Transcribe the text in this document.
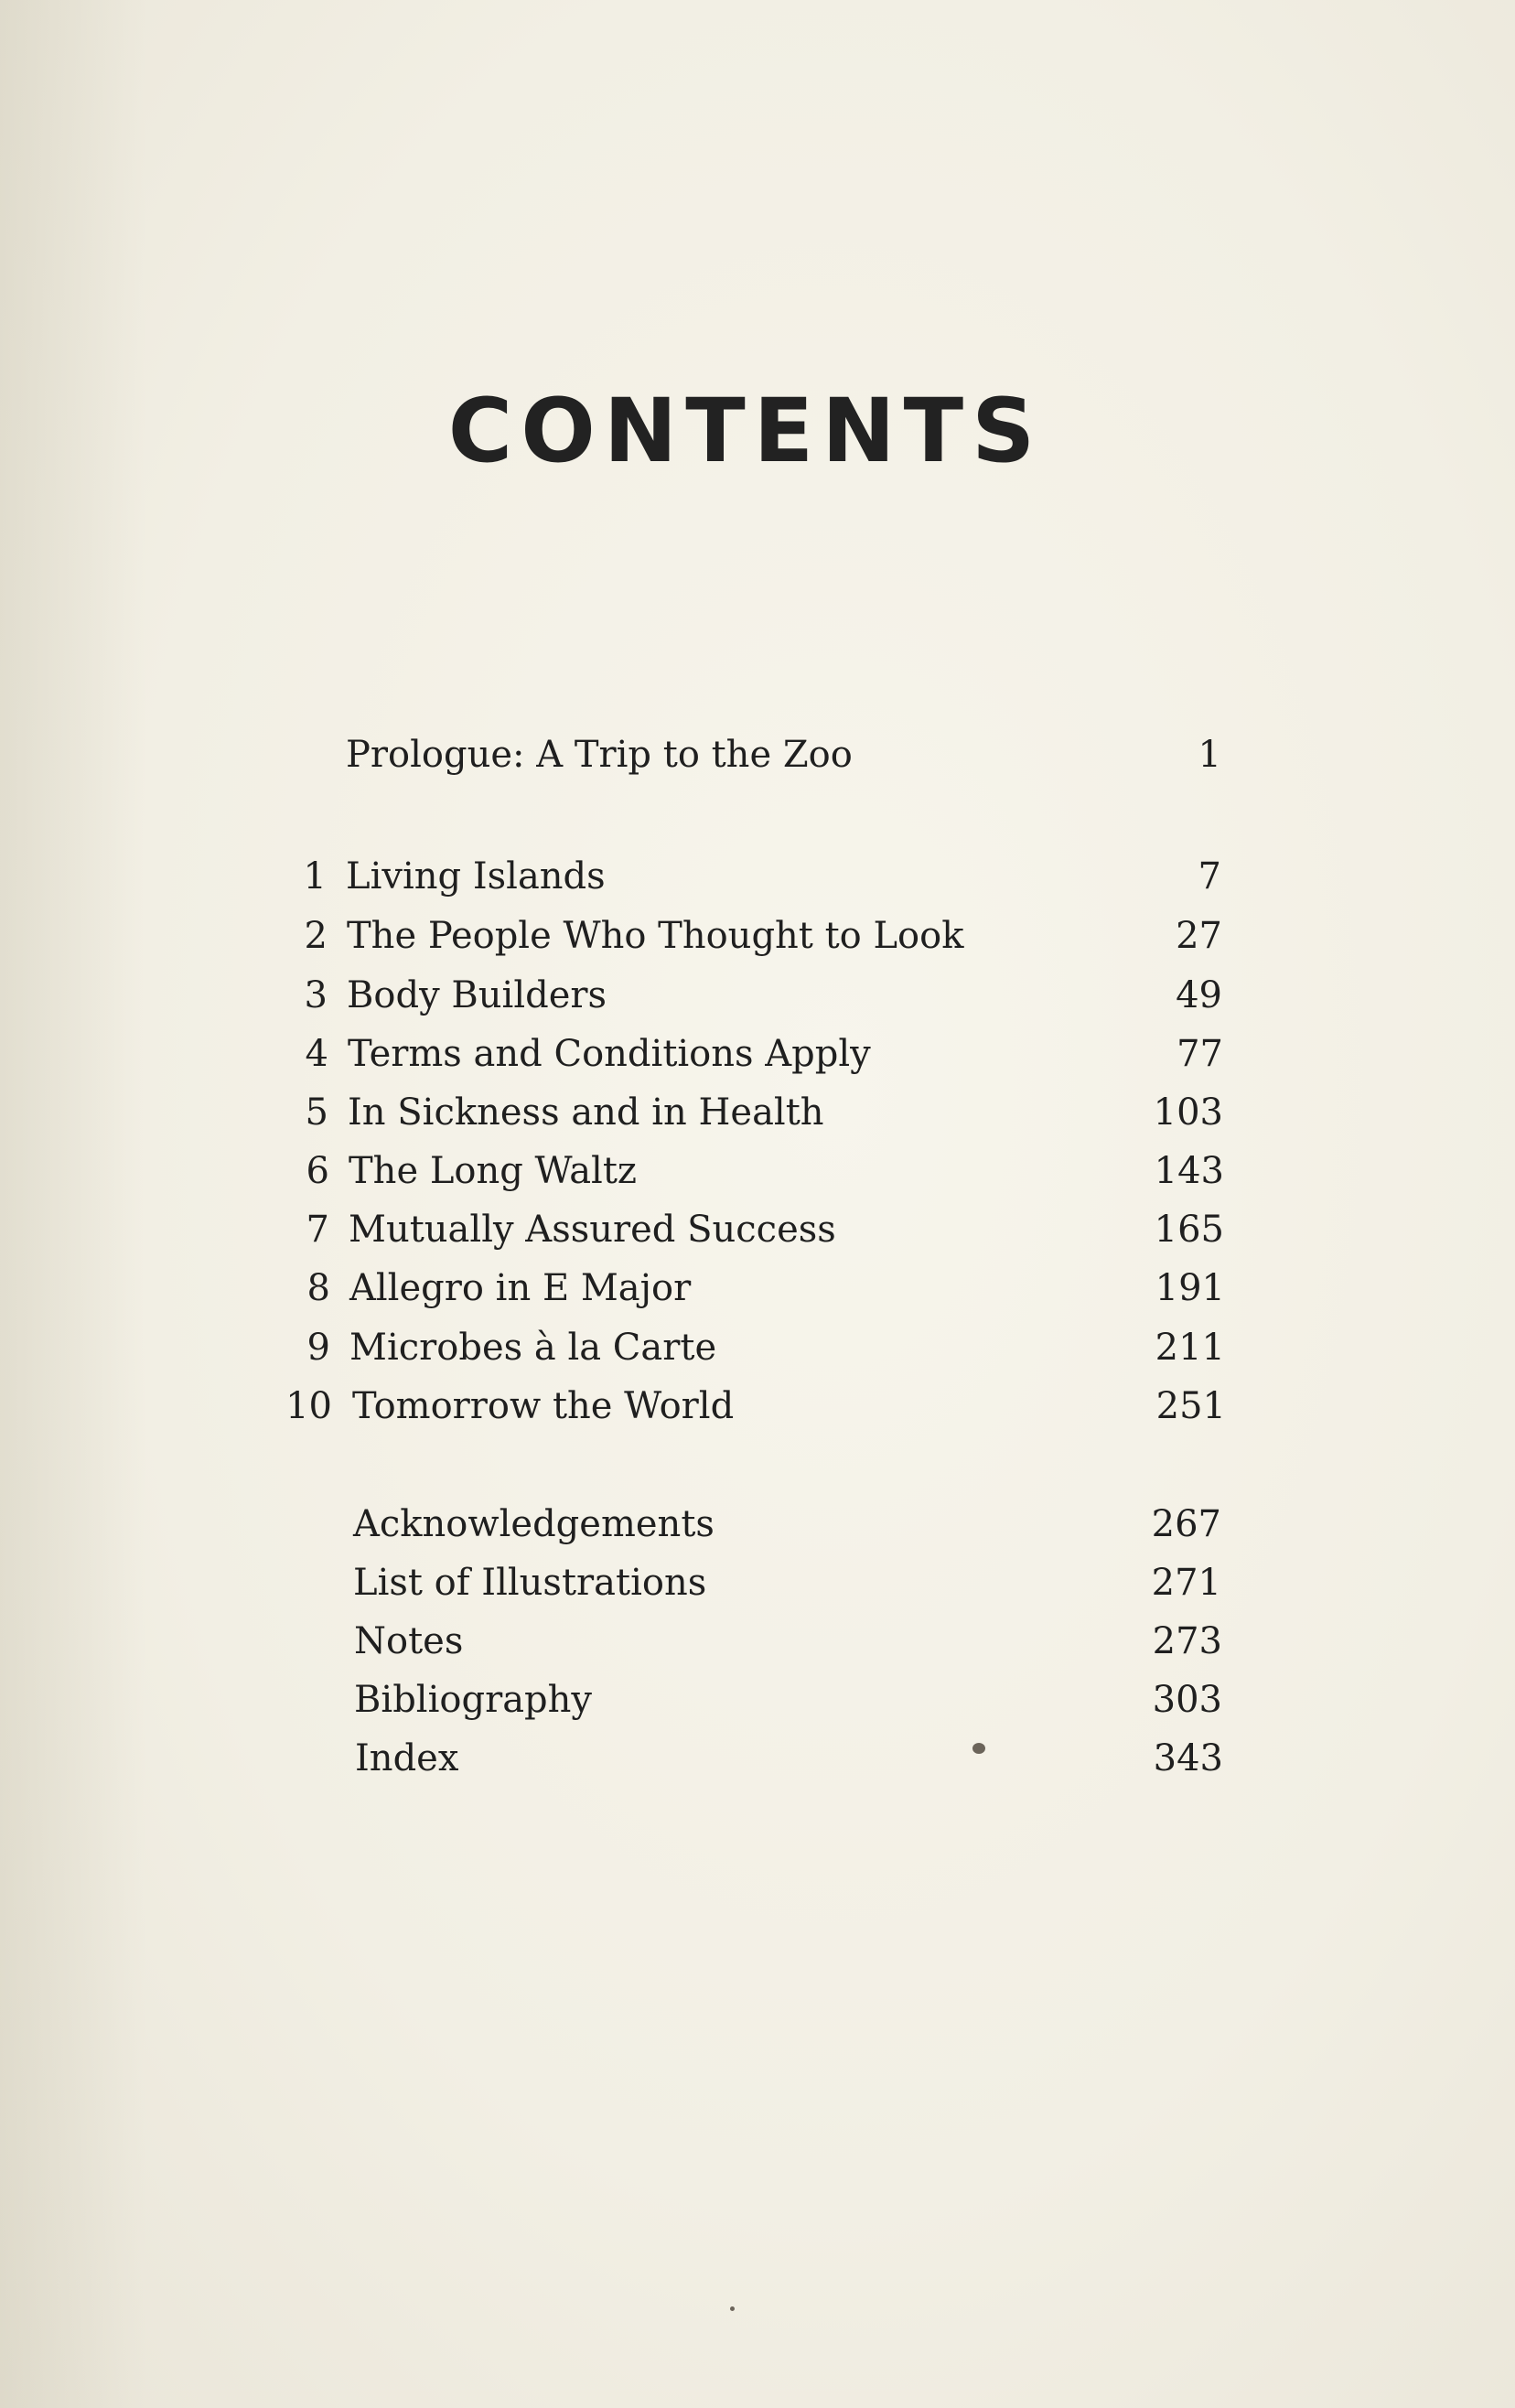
CONTENTS
Prologue: A Trip to the Zoo	1
1 Living Islands	7
2 The People Who Thought to Look	27
3 Body Builders	49
4 Terms and Conditions Apply	77
5 In Sickness and in Health	103
6 The Long Waltz	143
7 Mutually Assured Success	165
8 Allegro in E Major	191
9 Microbes à la Carte	211
10 Tomorrow the World	251
Acknowledgements	267
List of Illustrations	271
Notes	273
Bibliography	303
Index	343
